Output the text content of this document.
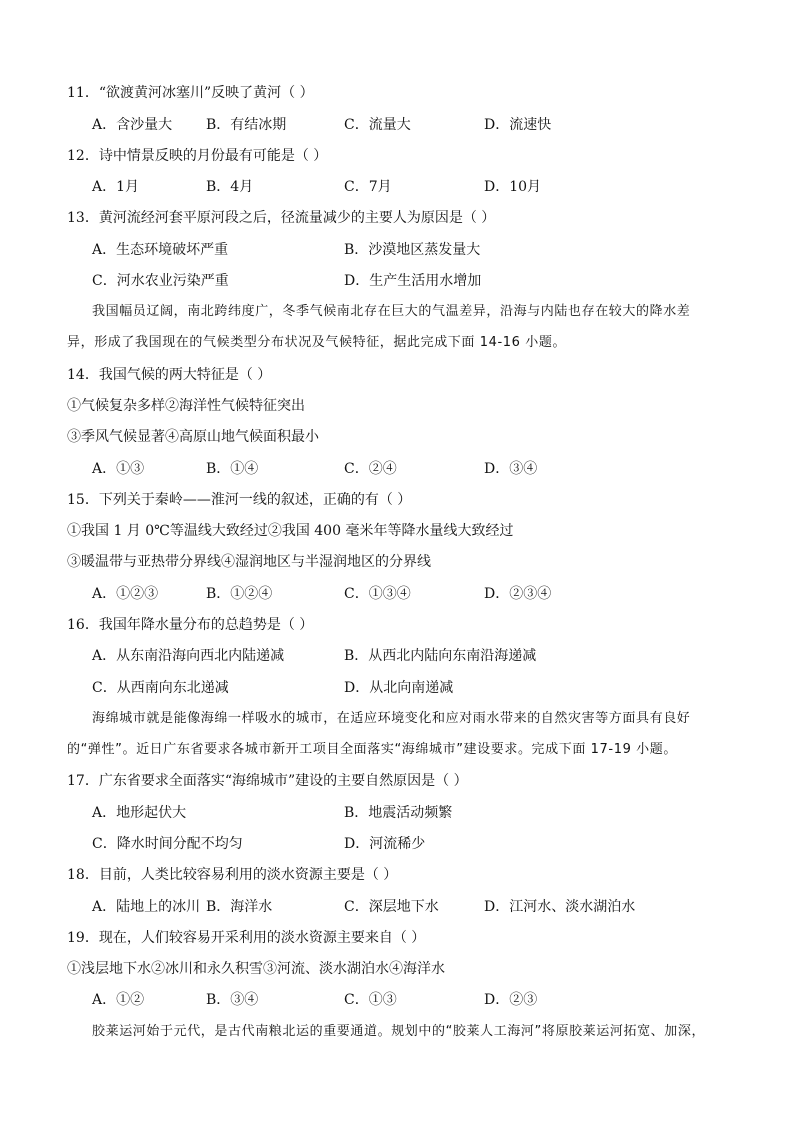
11．“欲渡黄河冰塞川”反映了黄河（ ）
A．含沙量大 B．有结冰期	C．流量大	D．流速快
12．诗中情景反映的月份最有可能是（ ）
A．1月	B．4月	C．7月	D．10月
13．黄河流经河套平原河段之后，径流量减少的主要人为原因是（ ）
A．生态环境破坏严重	B．沙漠地区蒸发量大
C．河水农业污染严重	D．生产生活用水增加
我国幅员辽阔，南北跨纬度广，冬季气候南北存在巨大的气温差异，沿海与内陆也存在较大的降水差
异，形成了我国现在的气候类型分布状况及气候特征，据此完成下面 14-16 小题。
14．我国气候的两大特征是（ ）
①气候复杂多样②海洋性气候特征突出
③季风气候显著④高原山地气候面积最小
A．①③	B．①④	C．②④	D．③④
15．下列关于秦岭——淮河一线的叙述，正确的有（ ）
①我国 1 月 0℃等温线大致经过②我国 400 毫米年等降水量线大致经过
③暖温带与亚热带分界线④湿润地区与半湿润地区的分界线
A．①②③	B．①②④	C．①③④	D．②③④
16．我国年降水量分布的总趋势是（ ）
A．从东南沿海向西北内陆递减	B．从西北内陆向东南沿海递减
C．从西南向东北递减	D．从北向南递减
海绵城市就是能像海绵一样吸水的城市，在适应环境变化和应对雨水带来的自然灾害等方面具有良好
的“弹性”。近日广东省要求各城市新开工项目全面落实“海绵城市”建设要求。完成下面 17-19 小题。
17．广东省要求全面落实“海绵城市”建设的主要自然原因是（ ）
A．地形起伏大	B．地震活动频繁
C．降水时间分配不均匀	D．河流稀少
18．目前，人类比较容易利用的淡水资源主要是（ ）
A．陆地上的冰川 B．海洋水	C．深层地下水	D．江河水、淡水湖泊水
19．现在，人们较容易开采利用的淡水资源主要来自（ ）
①浅层地下水②冰川和永久积雪③河流、淡水湖泊水④海洋水
A．①②	B．③④	C．①③	D．②③
胶莱运河始于元代，是古代南粮北运的重要通道。规划中的“胶莱人工海河”将原胶莱运河拓宽、加深，
